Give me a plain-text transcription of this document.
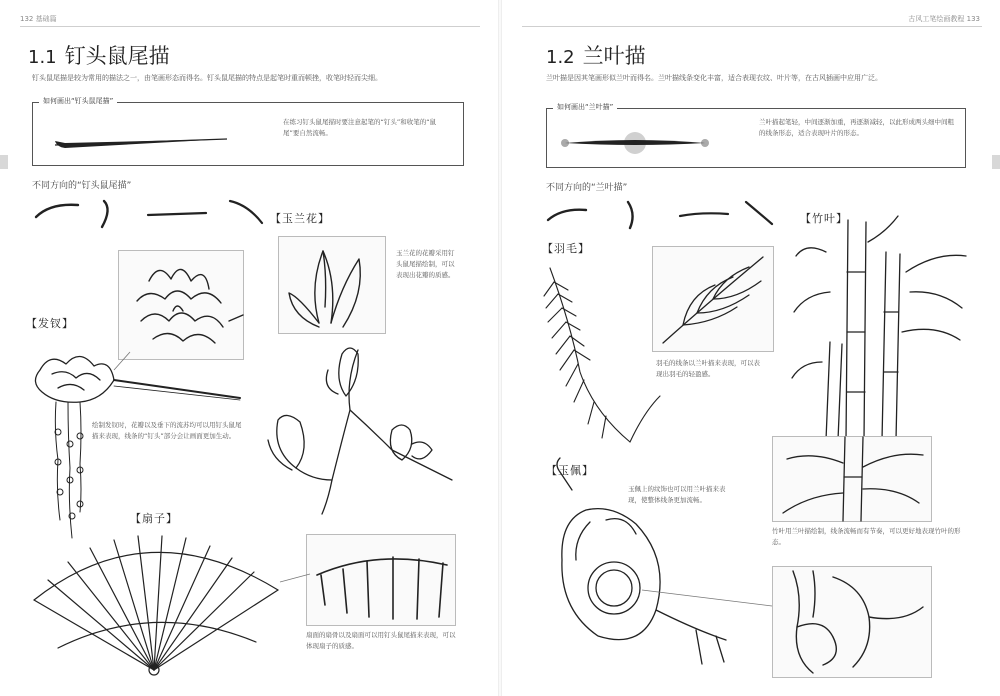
132 基础篇
1.1 钉头鼠尾描
钉头鼠尾描是较为常用的描法之一，由笔画形态而得名。钉头鼠尾描的特点是起笔时重而顿挫，收笔时轻而尖细。
如何画出“钉头鼠尾描”
在练习钉头鼠尾描时要注意起笔的“钉头”和收笔的“鼠尾”要自然流畅。
不同方向的“钉头鼠尾描”
【发钗】
绘制发钗时，花瓣以及垂下的流苏均可以用钉头鼠尾描来表现，线条的“钉头”部分会让画面更加生动。
【玉兰花】
玉兰花的花瓣采用钉头鼠尾描绘制，可以表现出花瓣的质感。
【扇子】
扇面的扇骨以及扇面可以用钉头鼠尾描来表现，可以体现扇子的质感。
古风工笔绘画教程 133
1.2 兰叶描
兰叶描是因其笔画形似兰叶而得名。兰叶描线条变化丰富，适合表现衣纹、叶片等，在古风插画中应用广泛。
如何画出“兰叶描”
兰叶描起笔轻，中间逐渐加重，再逐渐减轻，以此形成两头细中间粗的线条形态，适合表现叶片的形态。
不同方向的“兰叶描”
【羽毛】
羽毛的线条以兰叶描来表现，可以表现出羽毛的轻盈感。
【玉佩】
玉佩上的纹饰也可以用兰叶描来表现，使整体线条更加流畅。
【竹叶】
竹叶用兰叶描绘制，线条流畅而有节奏，可以更好地表现竹叶的形态。
